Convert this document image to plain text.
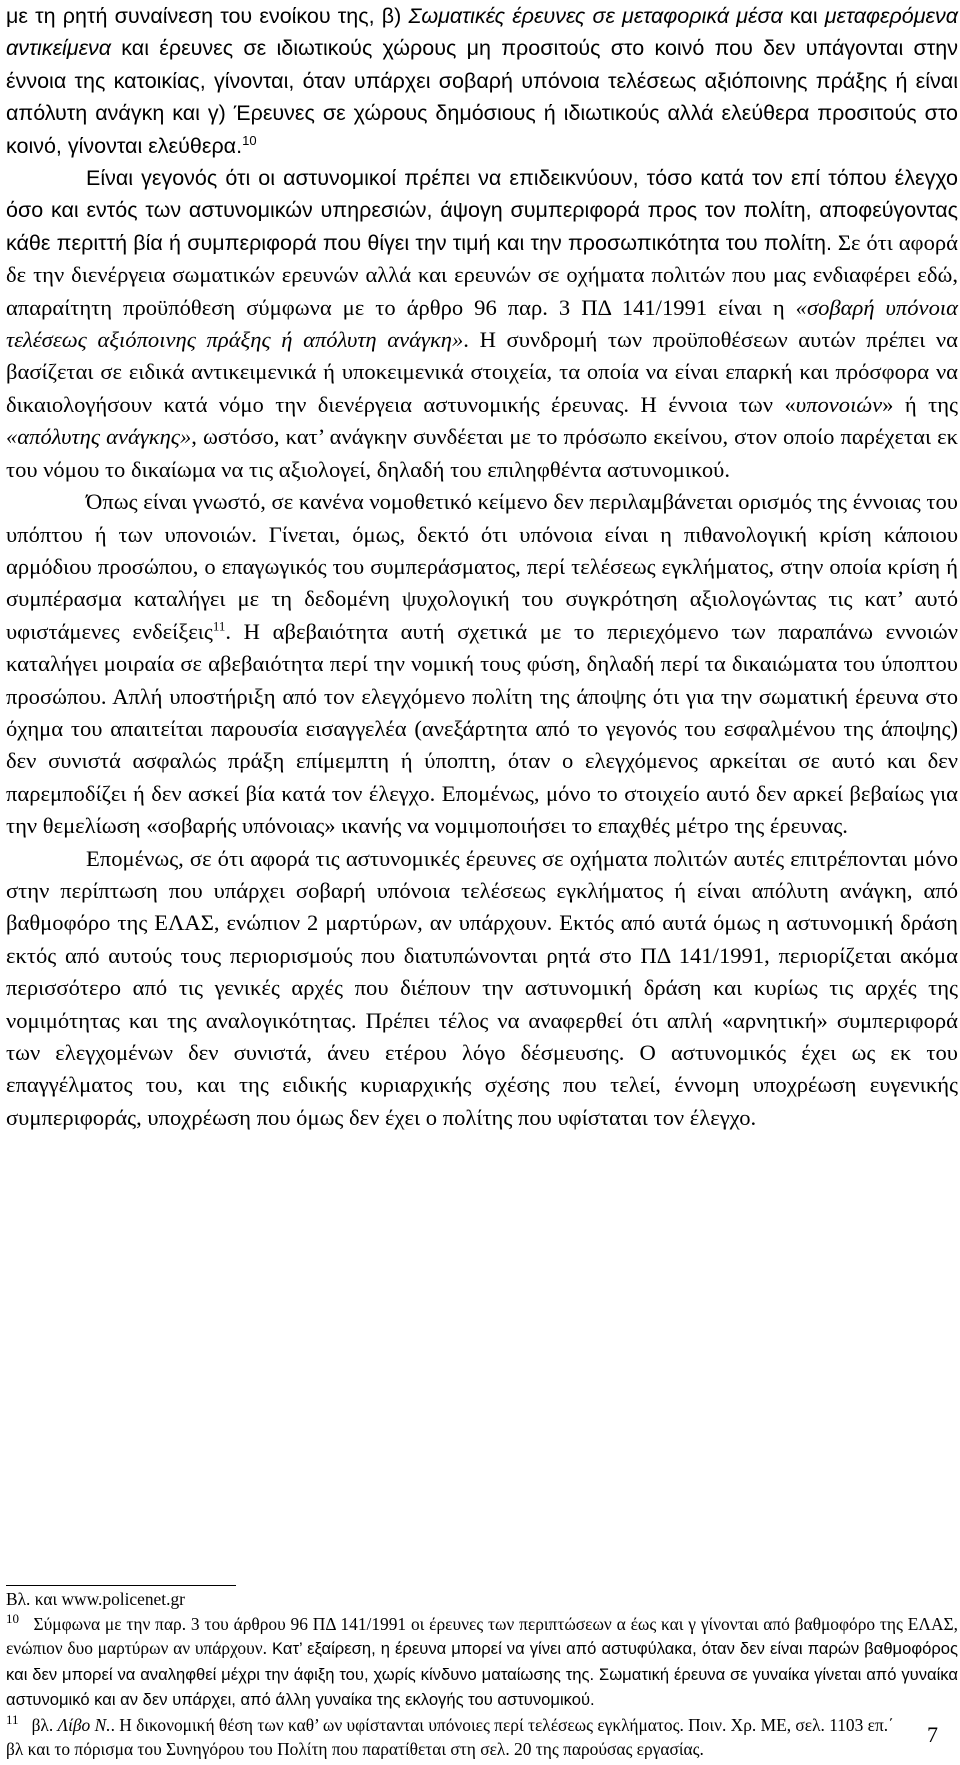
με τη ρητή συναίνεση του ενοίκου της, β) Σωματικές έρευνες σε μεταφορικά μέσα και μεταφερόμενα αντικείμενα και έρευνες σε ιδιωτικούς χώρους μη προσιτούς στο κοινό που δεν υπάγονται στην έννοια της κατοικίας, γίνονται, όταν υπάρχει σοβαρή υπόνοια τελέσεως αξιόποινης πράξης ή είναι απόλυτη ανάγκη και γ) Έρευνες σε χώρους δημόσιους ή ιδιωτικούς αλλά ελεύθερα προσιτούς στο κοινό, γίνονται ελεύθερα.$^{10}$

Είναι γεγονός ότι οι αστυνομικοί πρέπει να επιδεικνύουν, τόσο κατά τον επί τόπου έλεγχο όσο και εντός των αστυνομικών υπηρεσιών, άψογη συμπεριφορά προς τον πολίτη, αποφεύγοντας κάθε περιττή βία ή συμπεριφορά που θίγει την τιμή και την προσωπικότητα του πολίτη. Σε ότι αφορά δε την διενέργεια σωματικών ερευνών αλλά και ερευνών σε οχήματα πολιτών που μας ενδιαφέρει εδώ, απαραίτητη προϋπόθεση σύμφωνα με το άρθρο 96 παρ. 3 ΠΔ 141/1991 είναι η «σοβαρή υπόνοια τελέσεως αξιόποινης πράξης ή απόλυτη ανάγκη». Η συνδρομή των προϋποθέσεων αυτών πρέπει να βασίζεται σε ειδικά αντικειμενικά ή υποκειμενικά στοιχεία, τα οποία να είναι επαρκή και πρόσφορα να δικαιολογήσουν κατά νόμο την διενέργεια αστυνομικής έρευνας. Η έννοια των «υπονοιών» ή της «απόλυτης ανάγκης», ωστόσο, κατ’ ανάγκην συνδέεται με το πρόσωπο εκείνου, στον οποίο παρέχεται εκ του νόμου το δικαίωμα να τις αξιολογεί, δηλαδή του επιληφθέντα αστυνομικού.

Όπως είναι γνωστό, σε κανένα νομοθετικό κείμενο δεν περιλαμβάνεται ορισμός της έννοιας του υπόπτου ή των υπονοιών. Γίνεται, όμως, δεκτό ότι υπόνοια είναι η πιθανολογική κρίση κάποιου αρμόδιου προσώπου, ο επαγωγικός του συμπεράσματος, περί τελέσεως εγκλήματος, στην οποία κρίση ή συμπέρασμα καταλήγει με τη δεδομένη ψυχολογική του συγκρότηση αξιολογώντας τις κατ’ αυτό υφιστάμενες ενδείξεις$^{11}$. Η αβεβαιότητα αυτή σχετικά με το περιεχόμενο των παραπάνω εννοιών καταλήγει μοιραία σε αβεβαιότητα περί την νομική τους φύση, δηλαδή περί τα δικαιώματα του ύποπτου προσώπου. Απλή υποστήριξη από τον ελεγχόμενο πολίτη της άποψης ότι για την σωματική έρευνα στο όχημα του απαιτείται παρουσία εισαγγελέα (ανεξάρτητα από το γεγονός του εσφαλμένου της άποψης) δεν συνιστά ασφαλώς πράξη επίμεμπτη ή ύποπτη, όταν ο ελεγχόμενος αρκείται σε αυτό και δεν παρεμποδίζει ή δεν ασκεί βία κατά τον έλεγχο. Επομένως, μόνο το στοιχείο αυτό δεν αρκεί βεβαίως για την θεμελίωση «σοβαρής υπόνοιας» ικανής να νομιμοποιήσει το επαχθές μέτρο της έρευνας.

Επομένως, σε ότι αφορά τις αστυνομικές έρευνες σε οχήματα πολιτών αυτές επιτρέπονται μόνο στην περίπτωση που υπάρχει σοβαρή υπόνοια τελέσεως εγκλήματος ή είναι απόλυτη ανάγκη, από βαθμοφόρο της ΕΛΑΣ, ενώπιον 2 μαρτύρων, αν υπάρχουν. Εκτός από αυτά όμως η αστυνομική δράση εκτός από αυτούς τους περιορισμούς που διατυπώνονται ρητά στο ΠΔ 141/1991, περιορίζεται ακόμα περισσότερο από τις γενικές αρχές που διέπουν την αστυνομική δράση και κυρίως τις αρχές της νομιμότητας και της αναλογικότητας. Πρέπει τέλος να αναφερθεί ότι απλή «αρνητική» συμπεριφορά των ελεγχομένων δεν συνιστά, άνευ ετέρου λόγο δέσμευσης. Ο αστυνομικός έχει ως εκ του επαγγέλματος του, και της ειδικής κυριαρχικής σχέσης που τελεί, έννομη υποχρέωση ευγενικής συμπεριφοράς, υποχρέωση που όμως δεν έχει ο πολίτης που υφίσταται τον έλεγχο.

Βλ. και www.policenet.gr

$^{10}$ Σύμφωνα με την παρ. 3 του άρθρου 96 ΠΔ 141/1991 οι έρευνες των περιπτώσεων α έως και γ γίνονται από βαθμοφόρο της ΕΛΑΣ, ενώπιον δυο μαρτύρων αν υπάρχουν. Κατ’ εξαίρεση, η έρευνα μπορεί να γίνει από αστυφύλακα, όταν δεν είναι παρών βαθμοφόρος και δεν μπορεί να αναληφθεί μέχρι την άφιξη του, χωρίς κίνδυνο ματαίωσης της. Σωματική έρευνα σε γυναίκα γίνεται από γυναίκα αστυνομικό και αν δεν υπάρχει, από άλλη γυναίκα της εκλογής του αστυνομικού.

$^{11}$ βλ. Λίβο Ν.. Η δικονομική θέση των καθ’ ων υφίστανται υπόνοιες περί τελέσεως εγκλήματος. Ποιν. Χρ. ΜΕ, σελ. 1103 επ.΄

βλ και το πόρισμα του Συνηγόρου του Πολίτη που παρατίθεται στη σελ. 20 της παρούσας εργασίας.

7
